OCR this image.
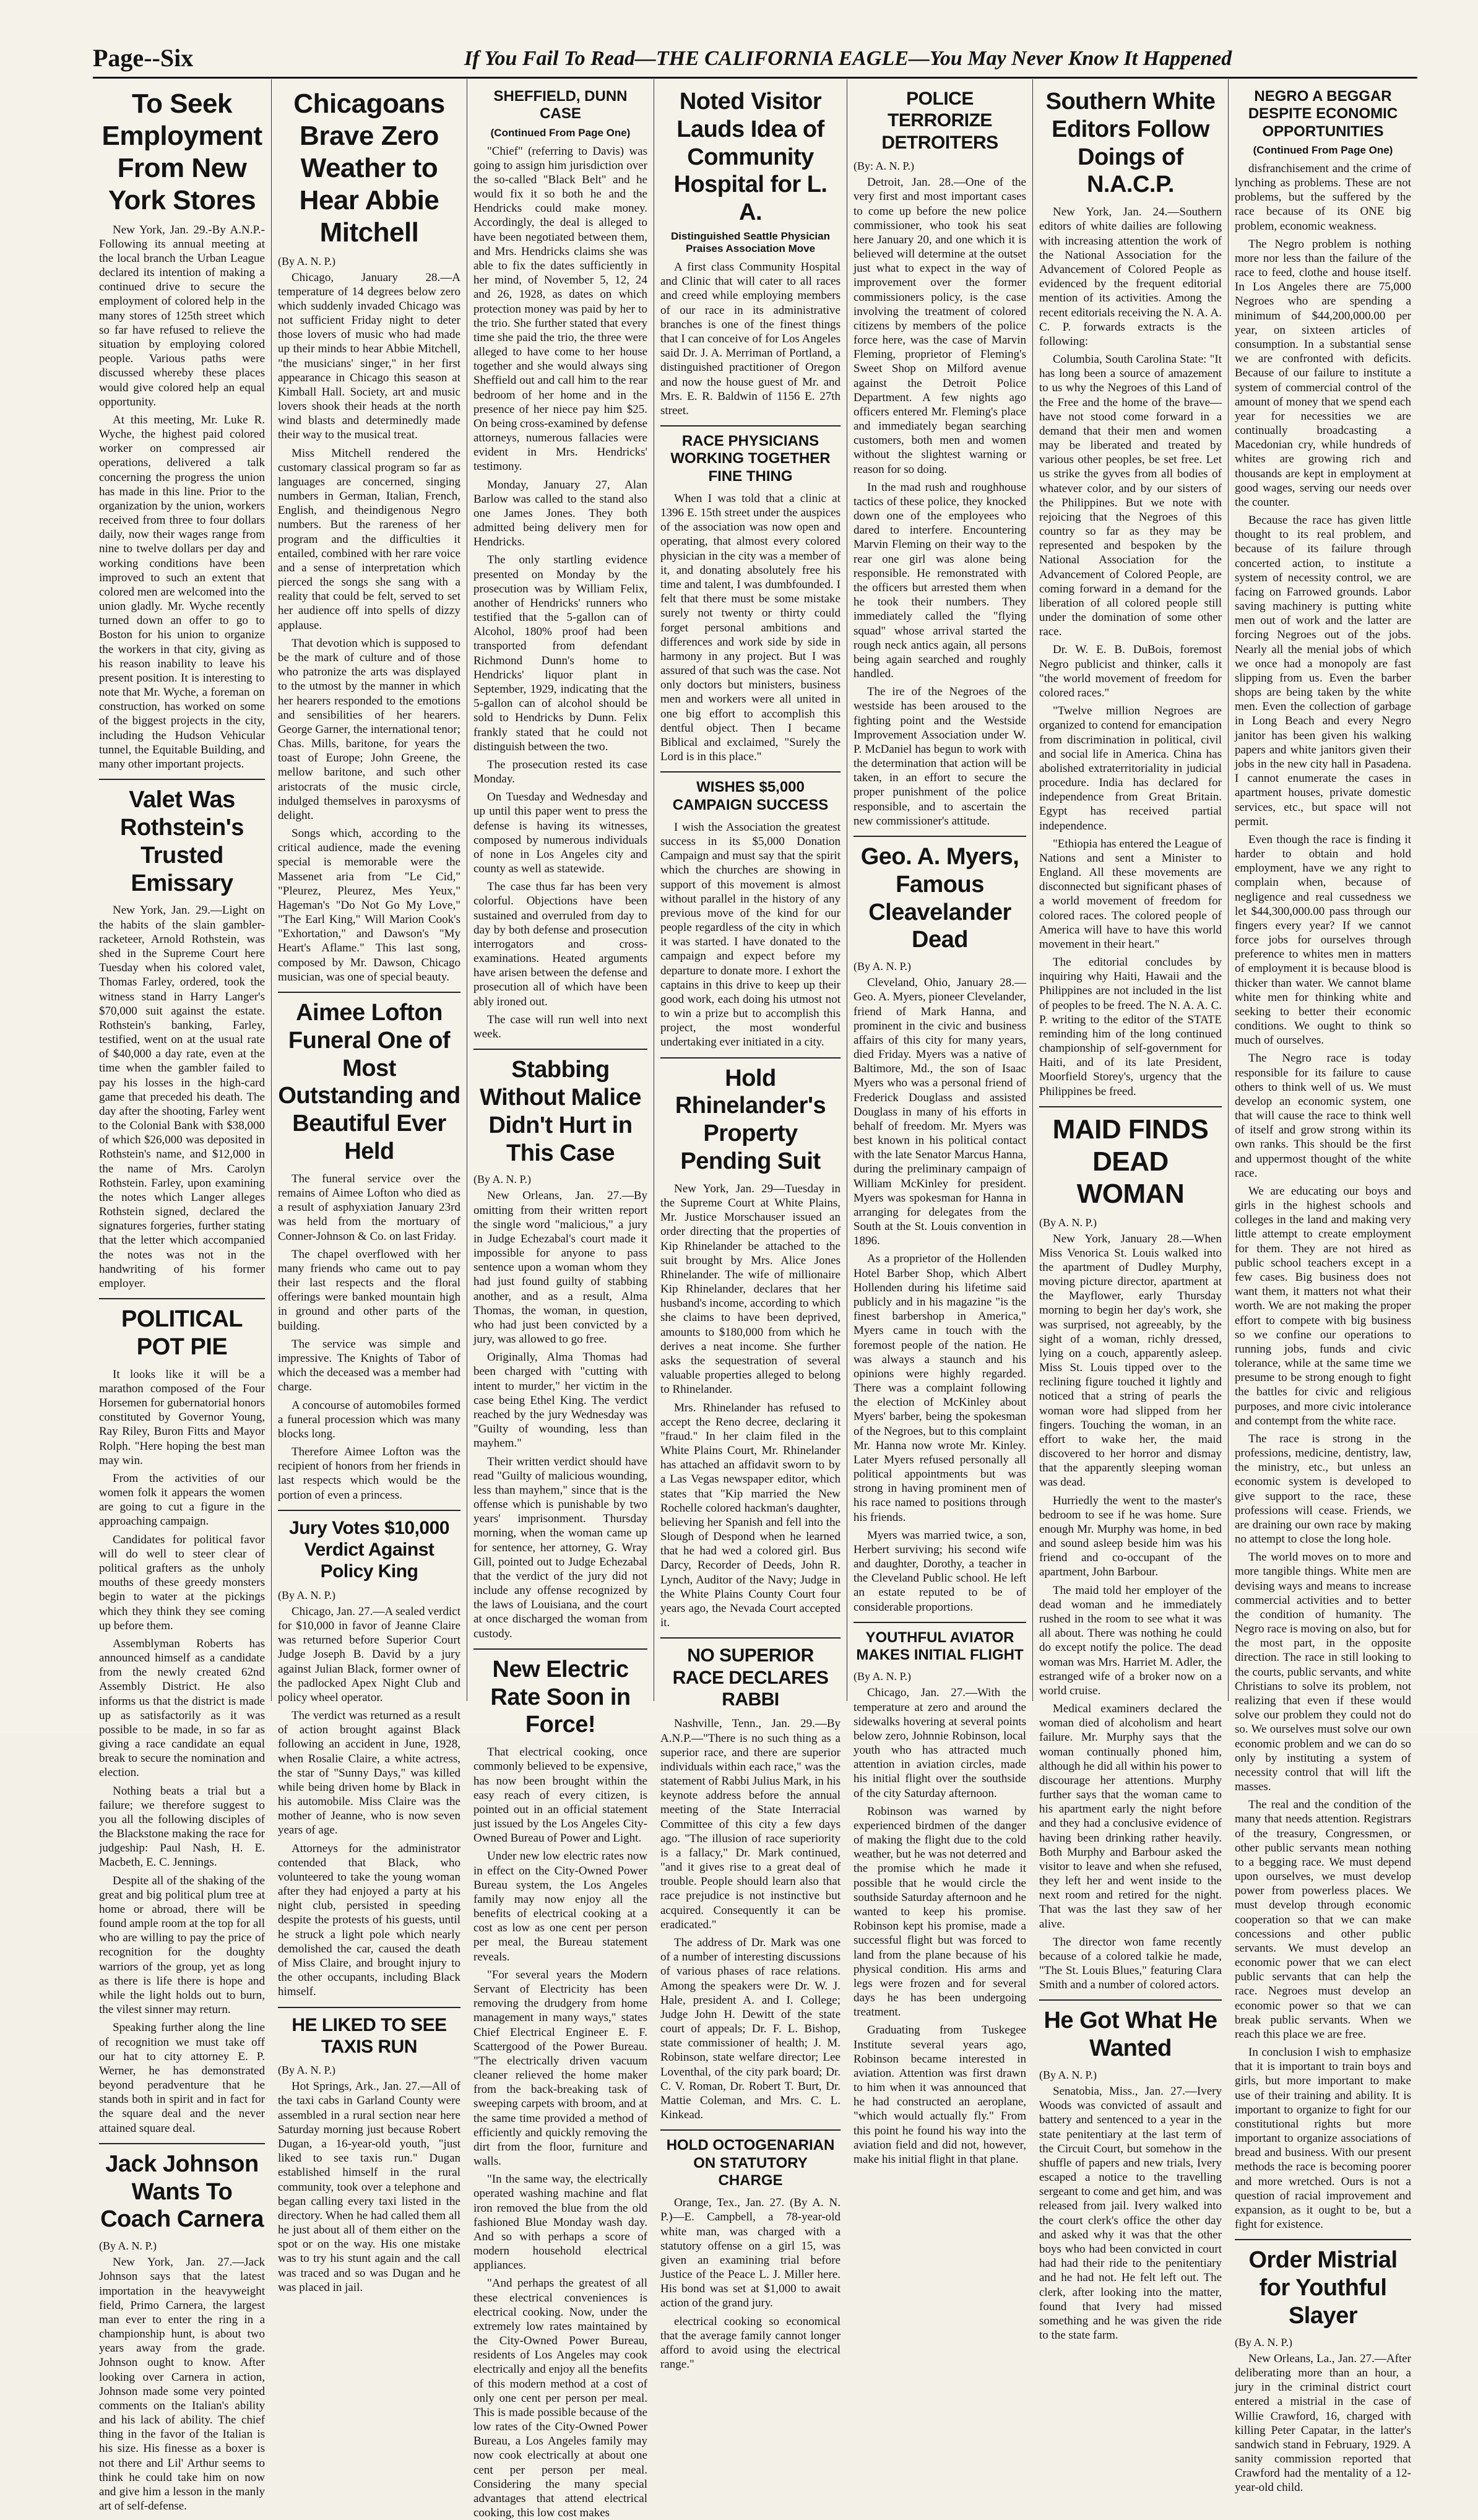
Page--Six	If You Fail To Read—THE CALIFORNIA EAGLE—You May Never Know It Happened
To Seek Employment From New York Stores

New York, Jan. 29.-By A.N.P.- Following its annual meeting at the local branch the Urban League declared its intention of making a continued drive to secure the employment of colored help in the many stores of 125th street which so far have refused to relieve the situation by employing colored people. Various paths were discussed whereby these places would give colored help an equal opportunity.

At this meeting, Mr. Luke R. Wyche, the highest paid colored worker on compressed air operations, delivered a talk concerning the progress the union has made in this line. Prior to the organization by the union, workers received from three to four dollars daily, now their wages range from nine to twelve dollars per day and working conditions have been improved to such an extent that colored men are welcomed into the union gladly. Mr. Wyche recently turned down an offer to go to Boston for his union to organize the workers in that city, giving as his reason inability to leave his present position. It is interesting to note that Mr. Wyche, a foreman on construction, has worked on some of the biggest projects in the city, including the Hudson Vehicular tunnel, the Equitable Building, and many other important projects.

Valet Was Rothstein's Trusted Emissary

New York, Jan. 29.—Light on the habits of the slain gambler-racketeer, Arnold Rothstein, was shed in the Supreme Court here Tuesday when his colored valet, Thomas Farley, ordered, took the witness stand in Harry Langer's $70,000 suit against the estate. Rothstein's banking, Farley, testified, went on at the usual rate of $40,000 a day rate, even at the time when the gambler failed to pay his losses in the high-card game that preceded his death. The day after the shooting, Farley went to the Colonial Bank with $38,000 of which $26,000 was deposited in Rothstein's name, and $12,000 in the name of Mrs. Carolyn Rothstein. Farley, upon examining the notes which Langer alleges Rothstein signed, declared the signatures forgeries, further stating that the letter which accompanied the notes was not in the handwriting of his former employer.

POLITICAL POT PIE

It looks like it will be a marathon composed of the Four Horsemen for gubernatorial honors constituted by Governor Young, Ray Riley, Buron Fitts and Mayor Rolph. "Here hoping the best man may win.

From the activities of our women folk it appears the women are going to cut a figure in the approaching campaign.

Candidates for political favor will do well to steer clear of political grafters as the unholy mouths of these greedy monsters begin to water at the pickings which they think they see coming up before them.

Assemblyman Roberts has announced himself as a candidate from the newly created 62nd Assembly District. He also informs us that the district is made up as satisfactorily as it was possible to be made, in so far as giving a race candidate an equal break to secure the nomination and election.

Nothing beats a trial but a failure; we therefore suggest to you all the following disciples of the Blackstone making the race for judgeship: Paul Nash, H. E. Macbeth, E. C. Jennings.

Despite all of the shaking of the great and big political plum tree at home or abroad, there will be found ample room at the top for all who are willing to pay the price of recognition for the doughty warriors of the group, yet as long as there is life there is hope and while the light holds out to burn, the vilest sinner may return.

Speaking further along the line of recognition we must take off our hat to city attorney E. P. Werner, he has demonstrated beyond peradventure that he stands both in spirit and in fact for the square deal and the never attained square deal.

Jack Johnson Wants To Coach Carnera
(By A. N. P.)

New York, Jan. 27.—Jack Johnson says that the latest importation in the heavyweight field, Primo Carnera, the largest man ever to enter the ring in a championship hunt, is about two years away from the grade. Johnson ought to know. After looking over Carnera in action, Johnson made some very pointed comments on the Italian's ability and his lack of ability. The chief thing in the favor of the Italian is his size. His finesse as a boxer is not there and Lil' Arthur seems to think he could take him on now and give him a lesson in the manly art of self-defense.

Chicagoans Brave Zero Weather to Hear Abbie Mitchell
(By A. N. P.)

Chicago, January 28.—A temperature of 14 degrees below zero which suddenly invaded Chicago was not sufficient Friday night to deter those lovers of music who had made up their minds to hear Abbie Mitchell, "the musicians' singer," in her first appearance in Chicago this season at Kimball Hall. Society, art and music lovers shook their heads at the north wind blasts and determinedly made their way to the musical treat.

Miss Mitchell rendered the customary classical program so far as languages are concerned, singing numbers in German, Italian, French, English, and theindigenous Negro numbers. But the rareness of her program and the difficulties it entailed, combined with her rare voice and a sense of interpretation which pierced the songs she sang with a reality that could be felt, served to set her audience off into spells of dizzy applause.

That devotion which is supposed to be the mark of culture and of those who patronize the arts was displayed to the utmost by the manner in which her hearers responded to the emotions and sensibilities of her hearers. George Garner, the international tenor; Chas. Mills, baritone, for years the toast of Europe; John Greene, the mellow baritone, and such other aristocrats of the music circle, indulged themselves in paroxysms of delight.

Songs which, according to the critical audience, made the evening special is memorable were the Massenet aria from "Le Cid," "Pleurez, Pleurez, Mes Yeux," Hageman's "Do Not Go My Love," "The Earl King," Will Marion Cook's "Exhortation," and Dawson's "My Heart's Aflame." This last song, composed by Mr. Dawson, Chicago musician, was one of special beauty.

Aimee Lofton Funeral One of Most Outstanding and Beautiful Ever Held

The funeral service over the remains of Aimee Lofton who died as a result of asphyxiation January 23rd was held from the mortuary of Conner-Johnson & Co. on last Friday.

The chapel overflowed with her many friends who came out to pay their last respects and the floral offerings were banked mountain high in ground and other parts of the building.

The service was simple and impressive. The Knights of Tabor of which the deceased was a member had charge.

A concourse of automobiles formed a funeral procession which was many blocks long.

Therefore Aimee Lofton was the recipient of honors from her friends in last respects which would be the portion of even a princess.

Jury Votes $10,000 Verdict Against Policy King
(By A. N. P.)

Chicago, Jan. 27.—A sealed verdict for $10,000 in favor of Jeanne Claire was returned before Superior Court Judge Joseph B. David by a jury against Julian Black, former owner of the padlocked Apex Night Club and policy wheel operator.

The verdict was returned as a result of action brought against Black following an accident in June, 1928, when Rosalie Claire, a white actress, the star of "Sunny Days," was killed while being driven home by Black in his automobile. Miss Claire was the mother of Jeanne, who is now seven years of age.

Attorneys for the administrator contended that Black, who volunteered to take the young woman after they had enjoyed a party at his night club, persisted in speeding despite the protests of his guests, until he struck a light pole which nearly demolished the car, caused the death of Miss Claire, and brought injury to the other occupants, including Black himself.

HE LIKED TO SEE TAXIS RUN
(By A. N. P.)

Hot Springs, Ark., Jan. 27.—All of the taxi cabs in Garland County were assembled in a rural section near here Saturday morning just because Robert Dugan, a 16-year-old youth, "just liked to see taxis run." Dugan established himself in the rural community, took over a telephone and began calling every taxi listed in the directory. When he had called them all he just about all of them either on the spot or on the way. His one mistake was to try his stunt again and the call was traced and so was Dugan and he was placed in jail.

SHEFFIELD, DUNN CASE
(Continued From Page One)

"Chief" (referring to Davis) was going to assign him jurisdiction over the so-called "Black Belt" and he would fix it so both he and the Hendricks could make money. Accordingly, the deal is alleged to have been negotiated between them, and Mrs. Hendricks claims she was able to fix the dates sufficiently in her mind, of November 5, 12, 24 and 26, 1928, as dates on which protection money was paid by her to the trio. She further stated that every time she paid the trio, the three were alleged to have come to her house together and she would always sing Sheffield out and call him to the rear bedroom of her home and in the presence of her niece pay him $25. On being cross-examined by defense attorneys, numerous fallacies were evident in Mrs. Hendricks' testimony.

Monday, January 27, Alan Barlow was called to the stand also one James Jones. They both admitted being delivery men for Hendricks.

The only startling evidence presented on Monday by the prosecution was by William Felix, another of Hendricks' runners who testified that the 5-gallon can of Alcohol, 180% proof had been transported from defendant Richmond Dunn's home to Hendricks' liquor plant in September, 1929, indicating that the 5-gallon can of alcohol should be sold to Hendricks by Dunn. Felix frankly stated that he could not distinguish between the two.

The prosecution rested its case Monday.

On Tuesday and Wednesday and up until this paper went to press the defense is having its witnesses, composed by numerous individuals of none in Los Angeles city and county as well as statewide.

The case thus far has been very colorful. Objections have been sustained and overruled from day to day by both defense and prosecution interrogators and cross-examinations. Heated arguments have arisen between the defense and prosecution all of which have been ably ironed out.

The case will run well into next week.

Stabbing Without Malice Didn't Hurt in This Case
(By A. N. P.)

New Orleans, Jan. 27.—By omitting from their written report the single word "malicious," a jury in Judge Echezabal's court made it impossible for anyone to pass sentence upon a woman whom they had just found guilty of stabbing another, and as a result, Alma Thomas, the woman, in question, who had just been convicted by a jury, was allowed to go free.

Originally, Alma Thomas had been charged with "cutting with intent to murder," her victim in the case being Ethel King. The verdict reached by the jury Wednesday was "Guilty of wounding, less than mayhem."

Their written verdict should have read "Guilty of malicious wounding, less than mayhem," since that is the offense which is punishable by two years' imprisonment. Thursday morning, when the woman came up for sentence, her attorney, G. Wray Gill, pointed out to Judge Echezabal that the verdict of the jury did not include any offense recognized by the laws of Louisiana, and the court at once discharged the woman from custody.

New Electric Rate Soon in Force!

That electrical cooking, once commonly believed to be expensive, has now been brought within the easy reach of every citizen, is pointed out in an official statement just issued by the Los Angeles City-Owned Bureau of Power and Light.

Under new low electric rates now in effect on the City-Owned Power Bureau system, the Los Angeles family may now enjoy all the benefits of electrical cooking at a cost as low as one cent per person per meal, the Bureau statement reveals.

"For several years the Modern Servant of Electricity has been removing the drudgery from home management in many ways," states Chief Electrical Engineer E. F. Scattergood of the Power Bureau. "The electrically driven vacuum cleaner relieved the home maker from the back-breaking task of sweeping carpets with broom, and at the same time provided a method of efficiently and quickly removing the dirt from the floor, furniture and walls.

"In the same way, the electrically operated washing machine and flat iron removed the blue from the old fashioned Blue Monday wash day. And so with perhaps a score of modern household electrical appliances.

"And perhaps the greatest of all these electrical conveniences is electrical cooking. Now, under the extremely low rates maintained by the City-Owned Power Bureau, residents of Los Angeles may cook electrically and enjoy all the benefits of this modern method at a cost of only one cent per person per meal. This is made possible because of the low rates of the City-Owned Power Bureau, a Los Angeles family may now cook electrically at about one cent per person per meal. Considering the many special advantages that attend electrical cooking, this low cost makes

Noted Visitor Lauds Idea of Community Hospital for L. A.
Distinguished Seattle Physician Praises Association Move

A first class Community Hospital and Clinic that will cater to all races and creed while employing members of our race in its administrative branches is one of the finest things that I can conceive of for Los Angeles said Dr. J. A. Merriman of Portland, a distinguished practitioner of Oregon and now the house guest of Mr. and Mrs. E. R. Baldwin of 1156 E. 27th street.

RACE PHYSICIANS WORKING TOGETHER FINE THING

When I was told that a clinic at 1396 E. 15th street under the auspices of the association was now open and operating, that almost every colored physician in the city was a member of it, and donating absolutely free his time and talent, I was dumbfounded. I felt that there must be some mistake surely not twenty or thirty could forget personal ambitions and differences and work side by side in harmony in any project. But I was assured of that such was the case. Not only doctors but ministers, business men and workers were all united in one big effort to accomplish this dentful object. Then I became Biblical and exclaimed, "Surely the Lord is in this place."

WISHES $5,000 CAMPAIGN SUCCESS

I wish the Association the greatest success in its $5,000 Donation Campaign and must say that the spirit which the churches are showing in support of this movement is almost without parallel in the history of any previous move of the kind for our people regardless of the city in which it was started. I have donated to the campaign and expect before my departure to donate more. I exhort the captains in this drive to keep up their good work, each doing his utmost not to win a prize but to accomplish this project, the most wonderful undertaking ever initiated in a city.

Hold Rhinelander's Property Pending Suit

New York, Jan. 29—Tuesday in the Supreme Court at White Plains, Mr. Justice Morschauser issued an order directing that the properties of Kip Rhinelander be attached to the suit brought by Mrs. Alice Jones Rhinelander. The wife of millionaire Kip Rhinelander, declares that her husband's income, according to which she claims to have been deprived, amounts to $180,000 from which he derives a neat income. She further asks the sequestration of several valuable properties alleged to belong to Rhinelander.

Mrs. Rhinelander has refused to accept the Reno decree, declaring it "fraud." In her claim filed in the White Plains Court, Mr. Rhinelander has attached an affidavit sworn to by a Las Vegas newspaper editor, which states that "Kip married the New Rochelle colored hackman's daughter, believing her Spanish and fell into the Slough of Despond when he learned that he had wed a colored girl. Bus Darcy, Recorder of Deeds, John R. Lynch, Auditor of the Navy; Judge in the White Plains County Court four years ago, the Nevada Court accepted it.

NO SUPERIOR RACE DECLARES RABBI

Nashville, Tenn., Jan. 29.—By A.N.P.—"There is no such thing as a superior race, and there are superior individuals within each race," was the statement of Rabbi Julius Mark, in his keynote address before the annual meeting of the State Interracial Committee of this city a few days ago. "The illusion of race superiority is a fallacy," Dr. Mark continued, "and it gives rise to a great deal of trouble. People should learn also that race prejudice is not instinctive but acquired. Consequently it can be eradicated."

The address of Dr. Mark was one of a number of interesting discussions of various phases of race relations. Among the speakers were Dr. W. J. Hale, president A. and I. College; Judge John H. Dewitt of the state court of appeals; Dr. F. L. Bishop, state commissioner of health; J. M. Robinson, state welfare director; Lee Loventhal, of the city park board; Dr. C. V. Roman, Dr. Robert T. Burt, Dr. Mattie Coleman, and Mrs. C. L. Kinkead.

HOLD OCTOGENARIAN ON STATUTORY CHARGE

Orange, Tex., Jan. 27. (By A. N. P.)—E. Campbell, a 78-year-old white man, was charged with a statutory offense on a girl 15, was given an examining trial before Justice of the Peace L. J. Miller here. His bond was set at $1,000 to await action of the grand jury.

electrical cooking so economical that the average family cannot longer afford to avoid using the electrical range."

POLICE TERRORIZE DETROITERS
(By: A. N. P.)

Detroit, Jan. 28.—One of the very first and most important cases to come up before the new police commissioner, who took his seat here January 20, and one which it is believed will determine at the outset just what to expect in the way of improvement over the former commissioners policy, is the case involving the treatment of colored citizens by members of the police force here, was the case of Marvin Fleming, proprietor of Fleming's Sweet Shop on Milford avenue against the Detroit Police Department. A few nights ago officers entered Mr. Fleming's place and immediately began searching customers, both men and women without the slightest warning or reason for so doing.

In the mad rush and roughhouse tactics of these police, they knocked down one of the employees who dared to interfere. Encountering Marvin Fleming on their way to the rear one girl was alone being responsible. He remonstrated with the officers but arrested them when he took their numbers. They immediately called the "flying squad" whose arrival started the rough neck antics again, all persons being again searched and roughly handled.

The ire of the Negroes of the westside has been aroused to the fighting point and the Westside Improvement Association under W. P. McDaniel has begun to work with the determination that action will be taken, in an effort to secure the proper punishment of the police responsible, and to ascertain the new commissioner's attitude.

Geo. A. Myers, Famous Cleavelander Dead
(By A. N. P.)

Cleveland, Ohio, January 28.—Geo. A. Myers, pioneer Clevelander, friend of Mark Hanna, and prominent in the civic and business affairs of this city for many years, died Friday. Myers was a native of Baltimore, Md., the son of Isaac Myers who was a personal friend of Frederick Douglass and assisted Douglass in many of his efforts in behalf of freedom. Mr. Myers was best known in his political contact with the late Senator Marcus Hanna, during the preliminary campaign of William McKinley for president. Myers was spokesman for Hanna in arranging for delegates from the South at the St. Louis convention in 1896.

As a proprietor of the Hollenden Hotel Barber Shop, which Albert Hollenden during his lifetime said publicly and in his magazine "is the finest barbershop in America," Myers came in touch with the foremost people of the nation. He was always a staunch and his opinions were highly regarded. There was a complaint following the election of McKinley about Myers' barber, being the spokesman of the Negroes, but to this complaint Mr. Hanna now wrote Mr. Kinley. Later Myers refused personally all political appointments but was strong in having prominent men of his race named to positions through his friends.

Myers was married twice, a son, Herbert surviving; his second wife and daughter, Dorothy, a teacher in the Cleveland Public school. He left an estate reputed to be of considerable proportions.

YOUTHFUL AVIATOR MAKES INITIAL FLIGHT
(By A. N. P.)

Chicago, Jan. 27.—With the temperature at zero and around the sidewalks hovering at several points below zero, Johnnie Robinson, local youth who has attracted much attention in aviation circles, made his initial flight over the southside of the city Saturday afternoon.

Robinson was warned by experienced birdmen of the danger of making the flight due to the cold weather, but he was not deterred and the promise which he made it possible that he would circle the southside Saturday afternoon and he wanted to keep his promise. Robinson kept his promise, made a successful flight but was forced to land from the plane because of his physical condition. His arms and legs were frozen and for several days he has been undergoing treatment.

Graduating from Tuskegee Institute several years ago, Robinson became interested in aviation. Attention was first drawn to him when it was announced that he had constructed an aeroplane, "which would actually fly." From this point he found his way into the aviation field and did not, however, make his initial flight in that plane.

Southern White Editors Follow Doings of N.A.C.P.

New York, Jan. 24.—Southern editors of white dailies are following with increasing attention the work of the National Association for the Advancement of Colored People as evidenced by the frequent editorial mention of its activities. Among the recent editorials receiving the N. A. A. C. P. forwards extracts is the following:

Columbia, South Carolina State: "It has long been a source of amazement to us why the Negroes of this Land of the Free and the home of the brave—have not stood come forward in a demand that their men and women may be liberated and treated by various other peoples, be set free. Let us strike the gyves from all bodies of whatever color, and by our sisters of the Philippines. But we note with rejoicing that the Negroes of this country so far as they may be represented and bespoken by the National Association for the Advancement of Colored People, are coming forward in a demand for the liberation of all colored people still under the domination of some other race.

Dr. W. E. B. DuBois, foremost Negro publicist and thinker, calls it "the world movement of freedom for colored races."

"Twelve million Negroes are organized to contend for emancipation from discrimination in political, civil and social life in America. China has abolished extraterritoriality in judicial procedure. India has declared for independence from Great Britain. Egypt has received partial independence.

"Ethiopia has entered the League of Nations and sent a Minister to England. All these movements are disconnected but significant phases of a world movement of freedom for colored races. The colored people of America will have to have this world movement in their heart."

The editorial concludes by inquiring why Haiti, Hawaii and the Philippines are not included in the list of peoples to be freed. The N. A. A. C. P. writing to the editor of the STATE reminding him of the long continued championship of self-government for Haiti, and of its late President, Moorfield Storey's, urgency that the Philippines be freed.

MAID FINDS DEAD WOMAN
(By A. N. P.)

New York, January 28.—When Miss Venorica St. Louis walked into the apartment of Dudley Murphy, moving picture director, apartment at the Mayflower, early Thursday morning to begin her day's work, she was surprised, not agreeably, by the sight of a woman, richly dressed, lying on a couch, apparently asleep. Miss St. Louis tipped over to the reclining figure touched it lightly and noticed that a string of pearls the woman wore had slipped from her fingers. Touching the woman, in an effort to wake her, the maid discovered to her horror and dismay that the apparently sleeping woman was dead.

Hurriedly the went to the master's bedroom to see if he was home. Sure enough Mr. Murphy was home, in bed and sound asleep beside him was his friend and co-occupant of the apartment, John Barbour.

The maid told her employer of the dead woman and he immediately rushed in the room to see what it was all about. There was nothing he could do except notify the police. The dead woman was Mrs. Harriet M. Adler, the estranged wife of a broker now on a world cruise.

Medical examiners declared the woman died of alcoholism and heart failure. Mr. Murphy says that the woman continually phoned him, although he did all within his power to discourage her attentions. Murphy further says that the woman came to his apartment early the night before and they had a conclusive evidence of having been drinking rather heavily. Both Murphy and Barbour asked the visitor to leave and when she refused, they left her and went inside to the next room and retired for the night. That was the last they saw of her alive.

The director won fame recently because of a colored talkie he made, "The St. Louis Blues," featuring Clara Smith and a number of colored actors.

He Got What He Wanted
(By A. N. P.)

Senatobia, Miss., Jan. 27.—Ivery Woods was convicted of assault and battery and sentenced to a year in the state penitentiary at the last term of the Circuit Court, but somehow in the shuffle of papers and new trials, Ivery escaped a notice to the travelling sergeant to come and get him, and was released from jail. Ivery walked into the court clerk's office the other day and asked why it was that the other boys who had been convicted in court had had their ride to the penitentiary and he had not. He felt left out. The clerk, after looking into the matter, found that Ivery had missed something and he was given the ride to the state farm.

NEGRO A BEGGAR DESPITE ECONOMIC OPPORTUNITIES
(Continued From Page One)

disfranchisement and the crime of lynching as problems. These are not problems, but the suffered by the race because of its ONE big problem, economic weakness.

The Negro problem is nothing more nor less than the failure of the race to feed, clothe and house itself. In Los Angeles there are 75,000 Negroes who are spending a minimum of $44,200,000.00 per year, on sixteen articles of consumption. In a substantial sense we are confronted with deficits. Because of our failure to institute a system of commercial control of the amount of money that we spend each year for necessities we are continually broadcasting a Macedonian cry, while hundreds of whites are growing rich and thousands are kept in employment at good wages, serving our needs over the counter.

Because the race has given little thought to its real problem, and because of its failure through concerted action, to institute a system of necessity control, we are facing on Farrowed grounds. Labor saving machinery is putting white men out of work and the latter are forcing Negroes out of the jobs. Nearly all the menial jobs of which we once had a monopoly are fast slipping from us. Even the barber shops are being taken by the white men. Even the collection of garbage in Long Beach and every Negro janitor has been given his walking papers and white janitors given their jobs in the new city hall in Pasadena. I cannot enumerate the cases in apartment houses, private domestic services, etc., but space will not permit.

Even though the race is finding it harder to obtain and hold employment, have we any right to complain when, because of negligence and real cussedness we let $44,300,000.00 pass through our fingers every year? If we cannot force jobs for ourselves through preference to whites men in matters of employment it is because blood is thicker than water. We cannot blame white men for thinking white and seeking to better their economic conditions. We ought to think so much of ourselves.

The Negro race is today responsible for its failure to cause others to think well of us. We must develop an economic system, one that will cause the race to think well of itself and grow strong within its own ranks. This should be the first and uppermost thought of the white race.

We are educating our boys and girls in the highest schools and colleges in the land and making very little attempt to create employment for them. They are not hired as public school teachers except in a few cases. Big business does not want them, it matters not what their worth. We are not making the proper effort to compete with big business so we confine our operations to running jobs, funds and civic tolerance, while at the same time we presume to be strong enough to fight the battles for civic and religious purposes, and more civic intolerance and contempt from the white race.

The race is strong in the professions, medicine, dentistry, law, the ministry, etc., but unless an economic system is developed to give support to the race, these professions will cease. Friends, we are draining our own race by making no attempt to close the long hole.

The world moves on to more and more tangible things. White men are devising ways and means to increase commercial activities and to better the condition of humanity. The Negro race is moving on also, but for the most part, in the opposite direction. The race in still looking to the courts, public servants, and white Christians to solve its problem, not realizing that even if these would solve our problem they could not do so. We ourselves must solve our own economic problem and we can do so only by instituting a system of necessity control that will lift the masses.

The real and the condition of the many that needs attention. Registrars of the treasury, Congressmen, or other public servants mean nothing to a begging race. We must depend upon ourselves, we must develop power from powerless places. We must develop through economic cooperation so that we can make concessions and other public servants. We must develop an economic power that we can elect public servants that can help the race. Negroes must develop an economic power so that we can break public servants. When we reach this place we are free.

In conclusion I wish to emphasize that it is important to train boys and girls, but more important to make use of their training and ability. It is important to organize to fight for our constitutional rights but more important to organize associations of bread and business. With our present methods the race is becoming poorer and more wretched. Ours is not a question of racial improvement and expansion, as it ought to be, but a fight for existence.

Order Mistrial for Youthful Slayer
(By A. N. P.)

New Orleans, La., Jan. 27.—After deliberating more than an hour, a jury in the criminal district court entered a mistrial in the case of Willie Crawford, 16, charged with killing Peter Capatar, in the latter's sandwich stand in February, 1929. A sanity commission reported that Crawford had the mentality of a 12-year-old child.
